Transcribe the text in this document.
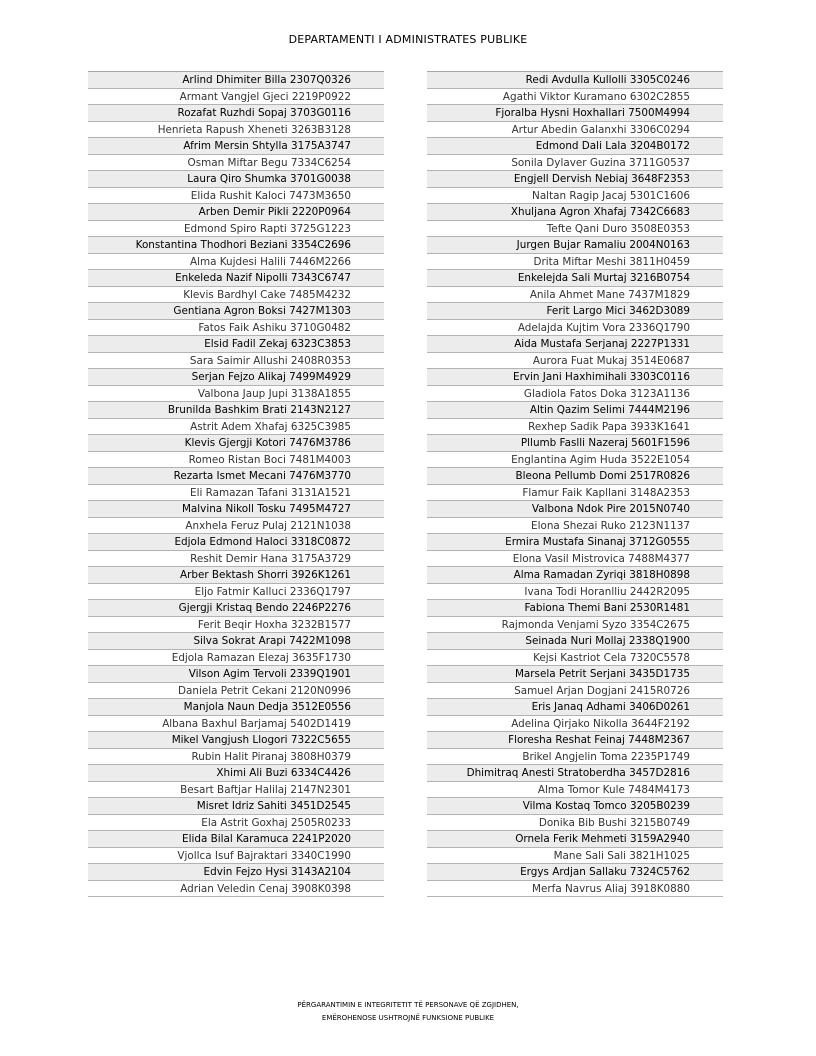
DEPARTAMENTI I ADMINISTRATES PUBLIKE
Arlind Dhimiter Billa 2307Q0326
Armant Vangjel Gjeci 2219P0922
Rozafat Ruzhdi Sopaj 3703G0116
Henrieta Rapush Xheneti 3263B3128
Afrim Mersin Shtylla 3175A3747
Osman Miftar Begu 7334C6254
Laura Qiro Shumka 3701G0038
Elida Rushit Kaloci 7473M3650
Arben Demir Pikli 2220P0964
Edmond Spiro Rapti 3725G1223
Konstantina Thodhori Beziani 3354C2696
Alma Kujdesi Halili 7446M2266
Enkeleda Nazif Nipolli 7343C6747
Klevis Bardhyl Cake 7485M4232
Gentiana Agron Boksi 7427M1303
Fatos Faik Ashiku 3710G0482
Elsid Fadil Zekaj 6323C3853
Sara Saimir Allushi 2408R0353
Serjan Fejzo Alikaj 7499M4929
Valbona Jaup Jupi 3138A1855
Brunilda Bashkim Brati 2143N2127
Astrit Adem Xhafaj 6325C3985
Klevis Gjergji Kotori 7476M3786
Romeo Ristan Boci 7481M4003
Rezarta Ismet Mecani 7476M3770
Eli Ramazan Tafani 3131A1521
Malvina Nikoll Tosku 7495M4727
Anxhela Feruz Pulaj 2121N1038
Edjola Edmond Haloci 3318C0872
Reshit Demir Hana 3175A3729
Arber Bektash Shorri 3926K1261
Eljo Fatmir Kalluci 2336Q1797
Gjergji Kristaq Bendo 2246P2276
Ferit Beqir Hoxha 3232B1577
Silva Sokrat Arapi 7422M1098
Edjola Ramazan Elezaj 3635F1730
Vilson Agim Tervoli 2339Q1901
Daniela Petrit Cekani 2120N0996
Manjola Naun Dedja 3512E0556
Albana Baxhul Barjamaj 5402D1419
Mikel Vangjush Llogori 7322C5655
Rubin Halit Piranaj 3808H0379
Xhimi Ali Buzi 6334C4426
Besart Baftjar Halilaj 2147N2301
Misret Idriz Sahiti 3451D2545
Ela Astrit Goxhaj 2505R0233
Elida Bilal Karamuca 2241P2020
Vjollca Isuf Bajraktari 3340C1990
Edvin Fejzo Hysi 3143A2104
Adrian Veledin Cenaj 3908K0398
Redi Avdulla Kullolli 3305C0246
Agathi Viktor Kuramano 6302C2855
Fjoralba Hysni Hoxhallari 7500M4994
Artur Abedin Galanxhi 3306C0294
Edmond Dali Lala 3204B0172
Sonila Dylaver Guzina 3711G0537
Engjell Dervish Nebiaj 3648F2353
Naltan Ragip Jacaj 5301C1606
Xhuljana Agron Xhafaj 7342C6683
Tefte Qani Duro 3508E0353
Jurgen Bujar Ramaliu 2004N0163
Drita Miftar Meshi 3811H0459
Enkelejda Sali Murtaj 3216B0754
Anila Ahmet Mane 7437M1829
Ferit Largo Mici 3462D3089
Adelajda Kujtim Vora 2336Q1790
Aida Mustafa Serjanaj 2227P1331
Aurora Fuat Mukaj 3514E0687
Ervin Jani Haxhimihali 3303C0116
Gladiola Fatos Doka 3123A1136
Altin Qazim Selimi 7444M2196
Rexhep Sadik Papa 3933K1641
Pllumb Faslli Nazeraj 5601F1596
Englantina Agim Huda 3522E1054
Bleona Pellumb Domi 2517R0826
Flamur Faik Kapllani 3148A2353
Valbona Ndok Pire 2015N0740
Elona Shezai Ruko 2123N1137
Ermira Mustafa Sinanaj 3712G0555
Elona Vasil Mistrovica 7488M4377
Alma Ramadan Zyriqi 3818H0898
Ivana Todi Horanlliu 2442R2095
Fabiona Themi Bani 2530R1481
Rajmonda Venjami Syzo 3354C2675
Seinada Nuri Mollaj 2338Q1900
Kejsi Kastriot Cela 7320C5578
Marsela Petrit Serjani 3435D1735
Samuel Arjan Dogjani 2415R0726
Eris Janaq Adhami 3406D0261
Adelina Qirjako Nikolla 3644F2192
Floresha Reshat Feinaj 7448M2367
Brikel Angjelin Toma 2235P1749
Dhimitraq Anesti Stratoberdha 3457D2816
Alma Tomor Kule 7484M4173
Vilma Kostaq Tomco 3205B0239
Donika Bib Bushi 3215B0749
Ornela Ferik Mehmeti 3159A2940
Mane Sali Sali 3821H1025
Ergys Ardjan Sallaku 7324C5762
Merfa Navrus Aliaj 3918K0880
PËRGARANTIMIN E INTEGRITETIT TË PERSONAVE QË ZGJIDHEN,
EMËROHENOSE USHTROJNË FUNKSIONE PUBLIKE
